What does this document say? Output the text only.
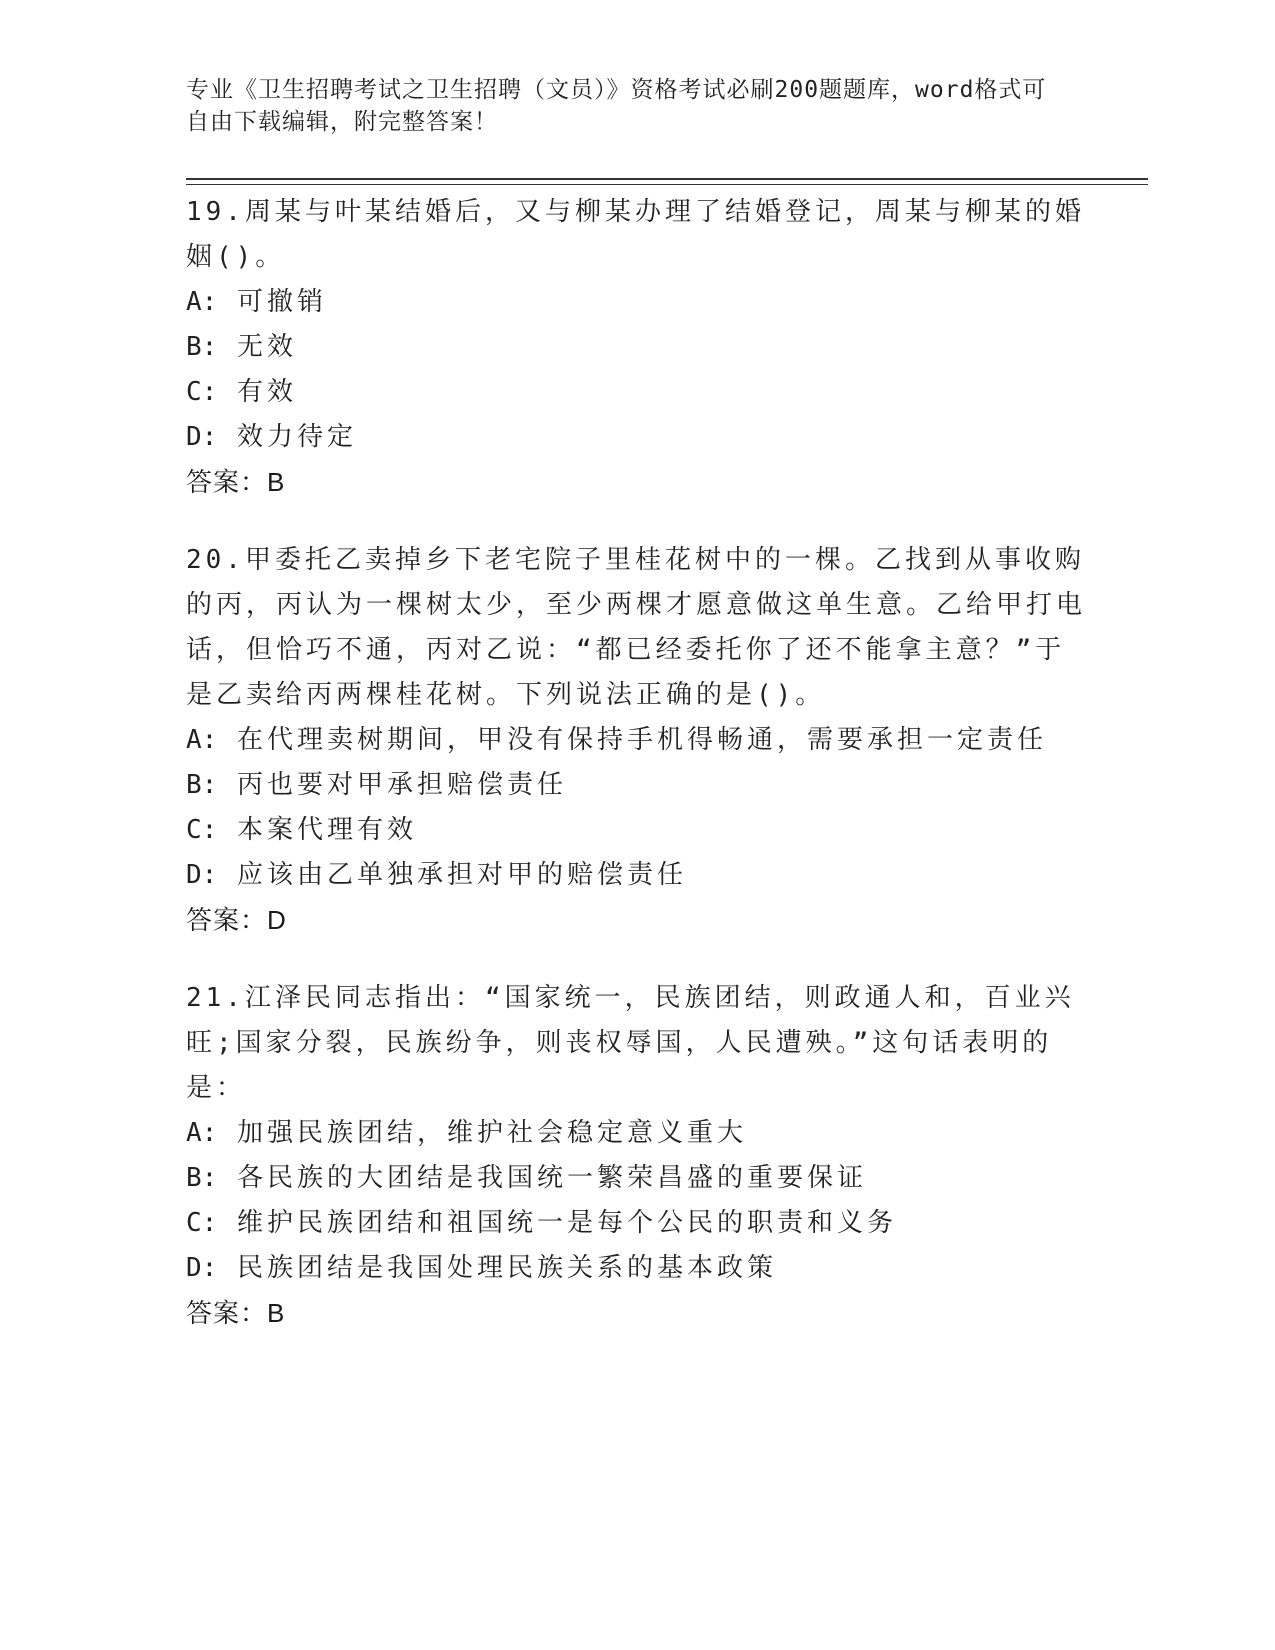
专业《卫生招聘考试之卫生招聘（文员）》资格考试必刷200题题库，word格式可自由下载编辑，附完整答案！
19.周某与叶某结婚后，又与柳某办理了结婚登记，周某与柳某的婚姻()。
A: 可撤销
B: 无效
C: 有效
D: 效力待定
答案：B
20.甲委托乙卖掉乡下老宅院子里桂花树中的一棵。乙找到从事收购的丙，丙认为一棵树太少，至少两棵才愿意做这单生意。乙给甲打电话，但恰巧不通，丙对乙说：“都已经委托你了还不能拿主意？”于是乙卖给丙两棵桂花树。下列说法正确的是()。
A: 在代理卖树期间，甲没有保持手机得畅通，需要承担一定责任
B: 丙也要对甲承担赔偿责任
C: 本案代理有效
D: 应该由乙单独承担对甲的赔偿责任
答案：D
21.江泽民同志指出：“国家统一，民族团结，则政通人和，百业兴旺;国家分裂，民族纷争，则丧权辱国，人民遭殃。”这句话表明的是：
A: 加强民族团结，维护社会稳定意义重大
B: 各民族的大团结是我国统一繁荣昌盛的重要保证
C: 维护民族团结和祖国统一是每个公民的职责和义务
D: 民族团结是我国处理民族关系的基本政策
答案：B
